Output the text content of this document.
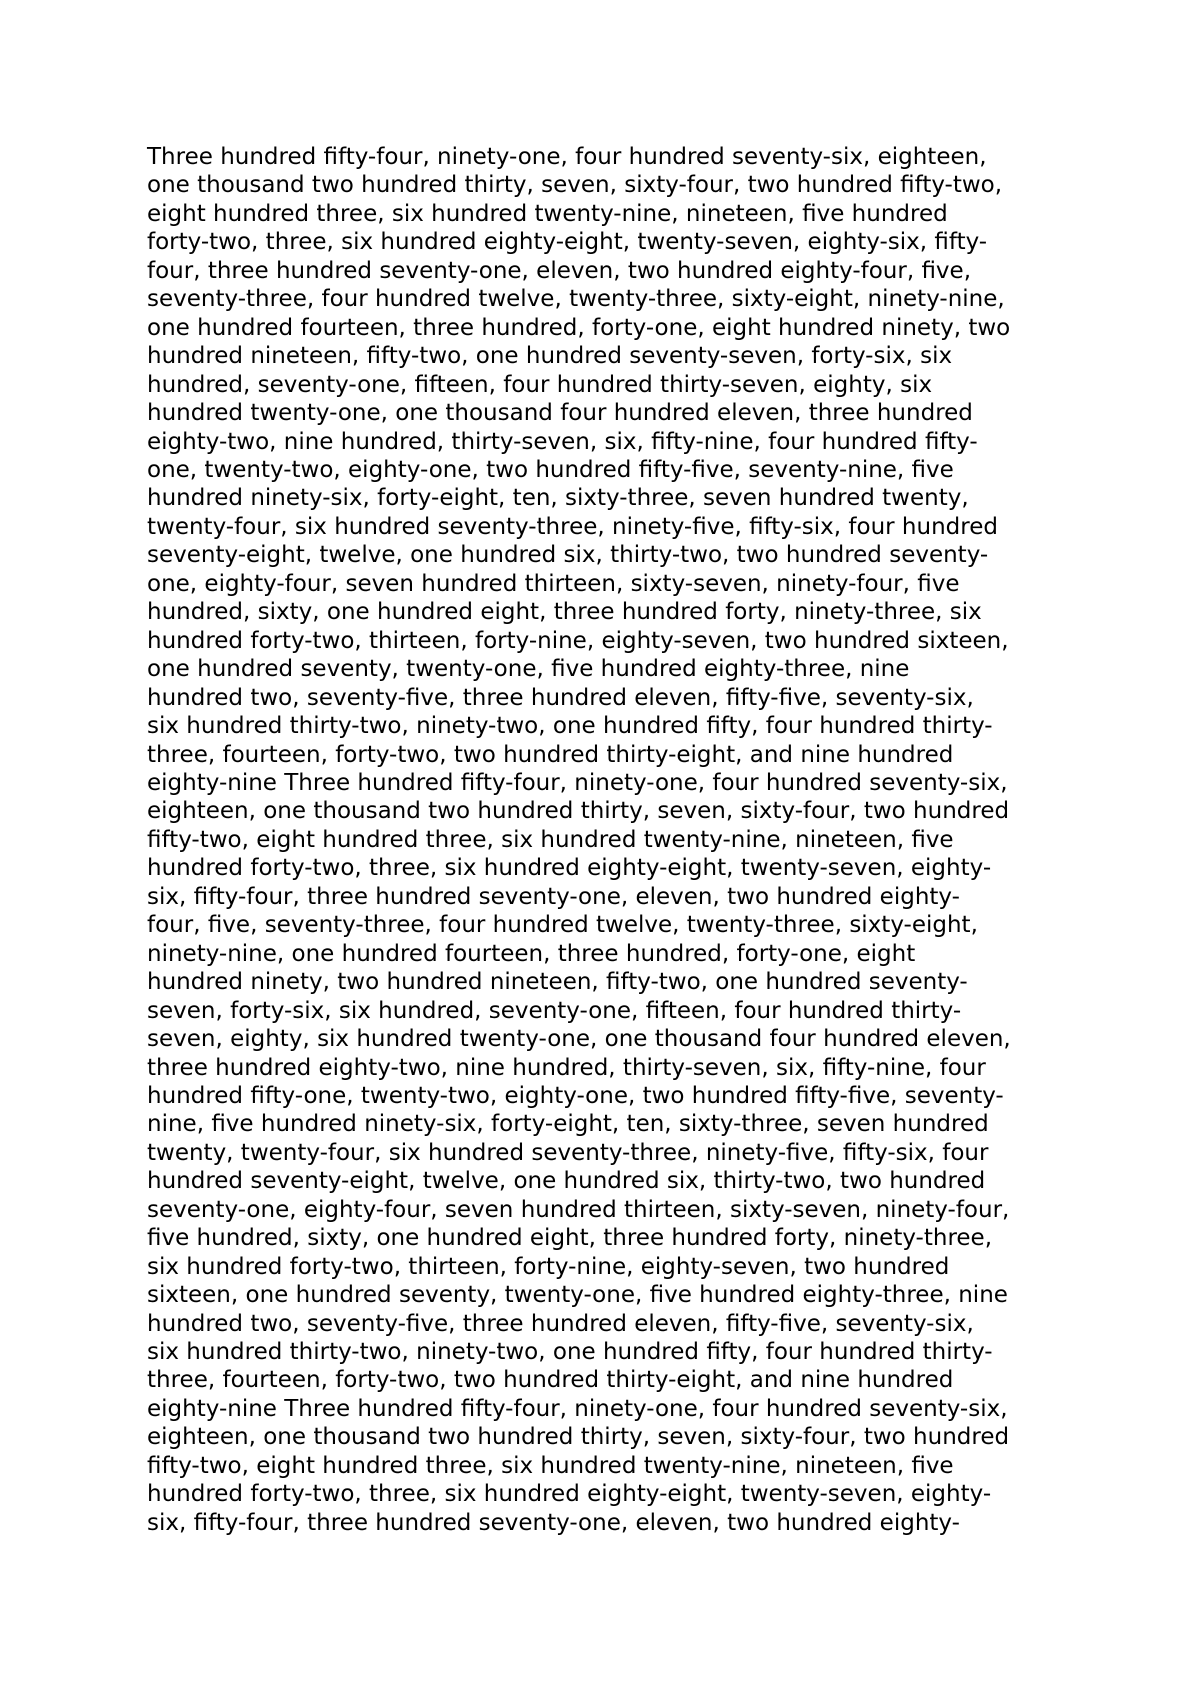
Three hundred fifty-four, ninety-one, four hundred seventy-six, eighteen,
one thousand two hundred thirty, seven, sixty-four, two hundred fifty-two,
eight hundred three, six hundred twenty-nine, nineteen, five hundred
forty-two, three, six hundred eighty-eight, twenty-seven, eighty-six, fifty-
four, three hundred seventy-one, eleven, two hundred eighty-four, five,
seventy-three, four hundred twelve, twenty-three, sixty-eight, ninety-nine,
one hundred fourteen, three hundred, forty-one, eight hundred ninety, two
hundred nineteen, fifty-two, one hundred seventy-seven, forty-six, six
hundred, seventy-one, fifteen, four hundred thirty-seven, eighty, six
hundred twenty-one, one thousand four hundred eleven, three hundred
eighty-two, nine hundred, thirty-seven, six, fifty-nine, four hundred fifty-
one, twenty-two, eighty-one, two hundred fifty-five, seventy-nine, five
hundred ninety-six, forty-eight, ten, sixty-three, seven hundred twenty,
twenty-four, six hundred seventy-three, ninety-five, fifty-six, four hundred
seventy-eight, twelve, one hundred six, thirty-two, two hundred seventy-
one, eighty-four, seven hundred thirteen, sixty-seven, ninety-four, five
hundred, sixty, one hundred eight, three hundred forty, ninety-three, six
hundred forty-two, thirteen, forty-nine, eighty-seven, two hundred sixteen,
one hundred seventy, twenty-one, five hundred eighty-three, nine
hundred two, seventy-five, three hundred eleven, fifty-five, seventy-six,
six hundred thirty-two, ninety-two, one hundred fifty, four hundred thirty-
three, fourteen, forty-two, two hundred thirty-eight, and nine hundred
eighty-nine Three hundred fifty-four, ninety-one, four hundred seventy-six,
eighteen, one thousand two hundred thirty, seven, sixty-four, two hundred
fifty-two, eight hundred three, six hundred twenty-nine, nineteen, five
hundred forty-two, three, six hundred eighty-eight, twenty-seven, eighty-
six, fifty-four, three hundred seventy-one, eleven, two hundred eighty-
four, five, seventy-three, four hundred twelve, twenty-three, sixty-eight,
ninety-nine, one hundred fourteen, three hundred, forty-one, eight
hundred ninety, two hundred nineteen, fifty-two, one hundred seventy-
seven, forty-six, six hundred, seventy-one, fifteen, four hundred thirty-
seven, eighty, six hundred twenty-one, one thousand four hundred eleven,
three hundred eighty-two, nine hundred, thirty-seven, six, fifty-nine, four
hundred fifty-one, twenty-two, eighty-one, two hundred fifty-five, seventy-
nine, five hundred ninety-six, forty-eight, ten, sixty-three, seven hundred
twenty, twenty-four, six hundred seventy-three, ninety-five, fifty-six, four
hundred seventy-eight, twelve, one hundred six, thirty-two, two hundred
seventy-one, eighty-four, seven hundred thirteen, sixty-seven, ninety-four,
five hundred, sixty, one hundred eight, three hundred forty, ninety-three,
six hundred forty-two, thirteen, forty-nine, eighty-seven, two hundred
sixteen, one hundred seventy, twenty-one, five hundred eighty-three, nine
hundred two, seventy-five, three hundred eleven, fifty-five, seventy-six,
six hundred thirty-two, ninety-two, one hundred fifty, four hundred thirty-
three, fourteen, forty-two, two hundred thirty-eight, and nine hundred
eighty-nine Three hundred fifty-four, ninety-one, four hundred seventy-six,
eighteen, one thousand two hundred thirty, seven, sixty-four, two hundred
fifty-two, eight hundred three, six hundred twenty-nine, nineteen, five
hundred forty-two, three, six hundred eighty-eight, twenty-seven, eighty-
six, fifty-four, three hundred seventy-one, eleven, two hundred eighty-
